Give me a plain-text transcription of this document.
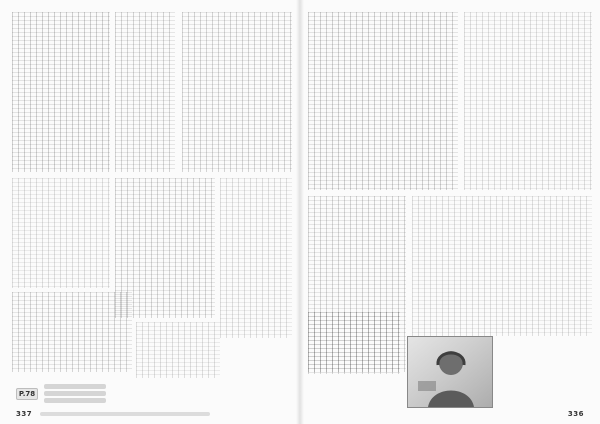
P.78
337	336
